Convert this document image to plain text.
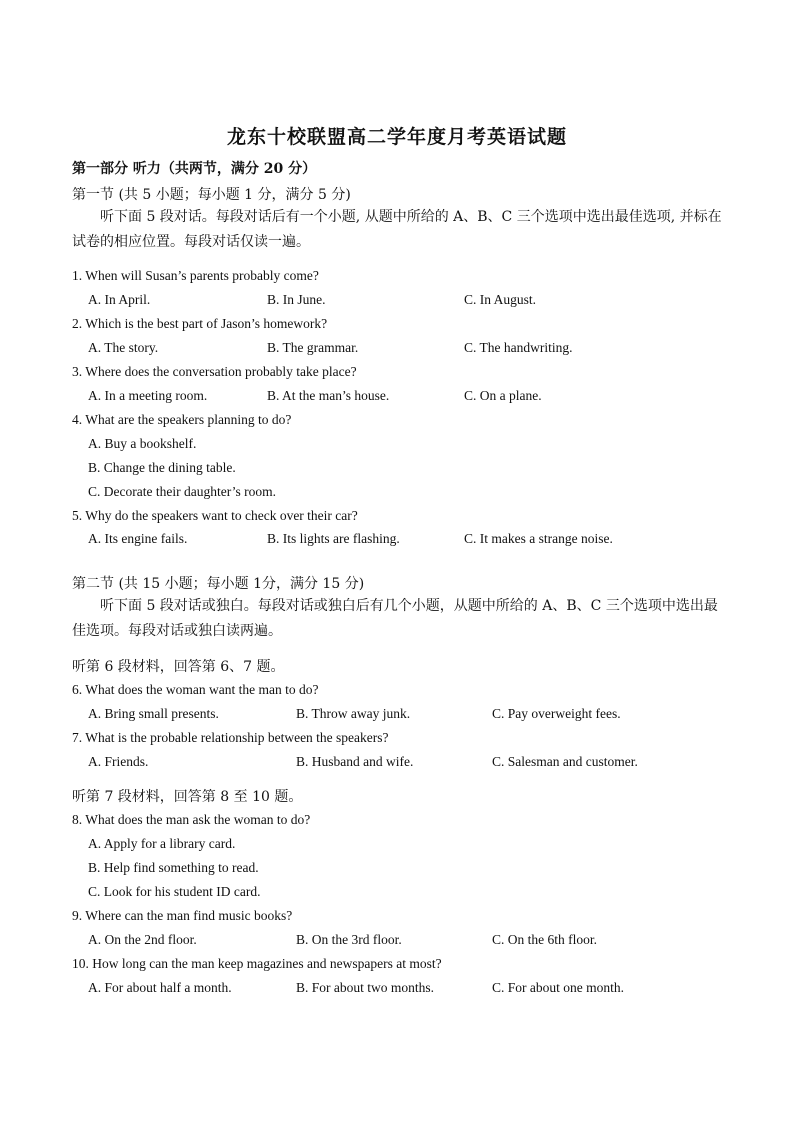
龙东十校联盟高二学年度月考英语试题
第一部分 听力（共两节，满分 20 分）
第一节 (共 5 小题；每小题 1 分，满分 5 分)
听下面 5 段对话。每段对话后有一个小题, 从题中所给的 A、B、C 三个选项中选出最佳选项, 并标在试卷的相应位置。每段对话仅读一遍。
1. When will Susan’s parents probably come?
A. In April.	B. In June.	C. In August.
2. Which is the best part of Jason’s homework?
A. The story.	B. The grammar.	C. The handwriting.
3. Where does the conversation probably take place?
A. In a meeting room.	B. At the man’s house.	C. On a plane.
4. What are the speakers planning to do?
A. Buy a bookshelf.
B. Change the dining table.
C. Decorate their daughter’s room.
5. Why do the speakers want to check over their car?
A. Its engine fails.	B. Its lights are flashing.	C. It makes a strange noise.
第二节 (共 15 小题；每小题 1分，满分 15 分)
听下面 5 段对话或独白。每段对话或独白后有几个小题，从题中所给的 A、B、C 三个选项中选出最佳选项。每段对话或独白读两遍。
听第 6 段材料，回答第 6、7 题。
6. What does the woman want the man to do?
A. Bring small presents.	B. Throw away junk.	C. Pay overweight fees.
7. What is the probable relationship between the speakers?
A. Friends.	B. Husband and wife.	C. Salesman and customer.
听第 7 段材料，回答第 8 至 10 题。
8. What does the man ask the woman to do?
A. Apply for a library card.
B. Help find something to read.
C. Look for his student ID card.
9. Where can the man find music books?
A. On the 2nd floor.	B. On the 3rd floor.	C. On the 6th floor.
10. How long can the man keep magazines and newspapers at most?
A. For about half a month.	B. For about two months.	C. For about one month.
